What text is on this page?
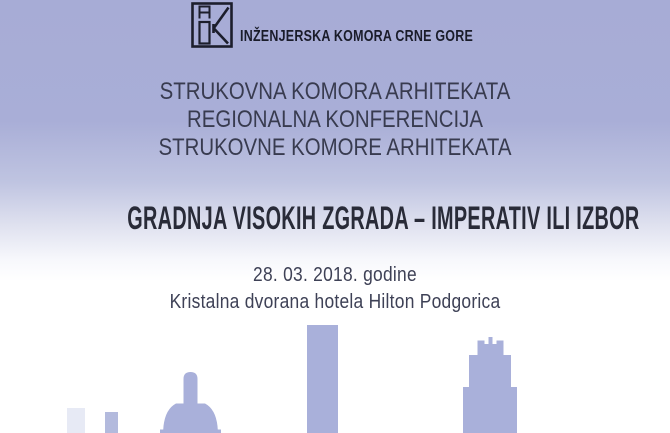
INŽENJERSKA KOMORA CRNE GORE
STRUKOVNA KOMORA ARHITEKATA
REGIONALNA KONFERENCIJA
STRUKOVNE KOMORE ARHITEKATA
GRADNJA VISOKIH ZGRADA – IMPERATIV ILI IZBOR
28. 03. 2018. godine
Kristalna dvorana hotela Hilton Podgorica
